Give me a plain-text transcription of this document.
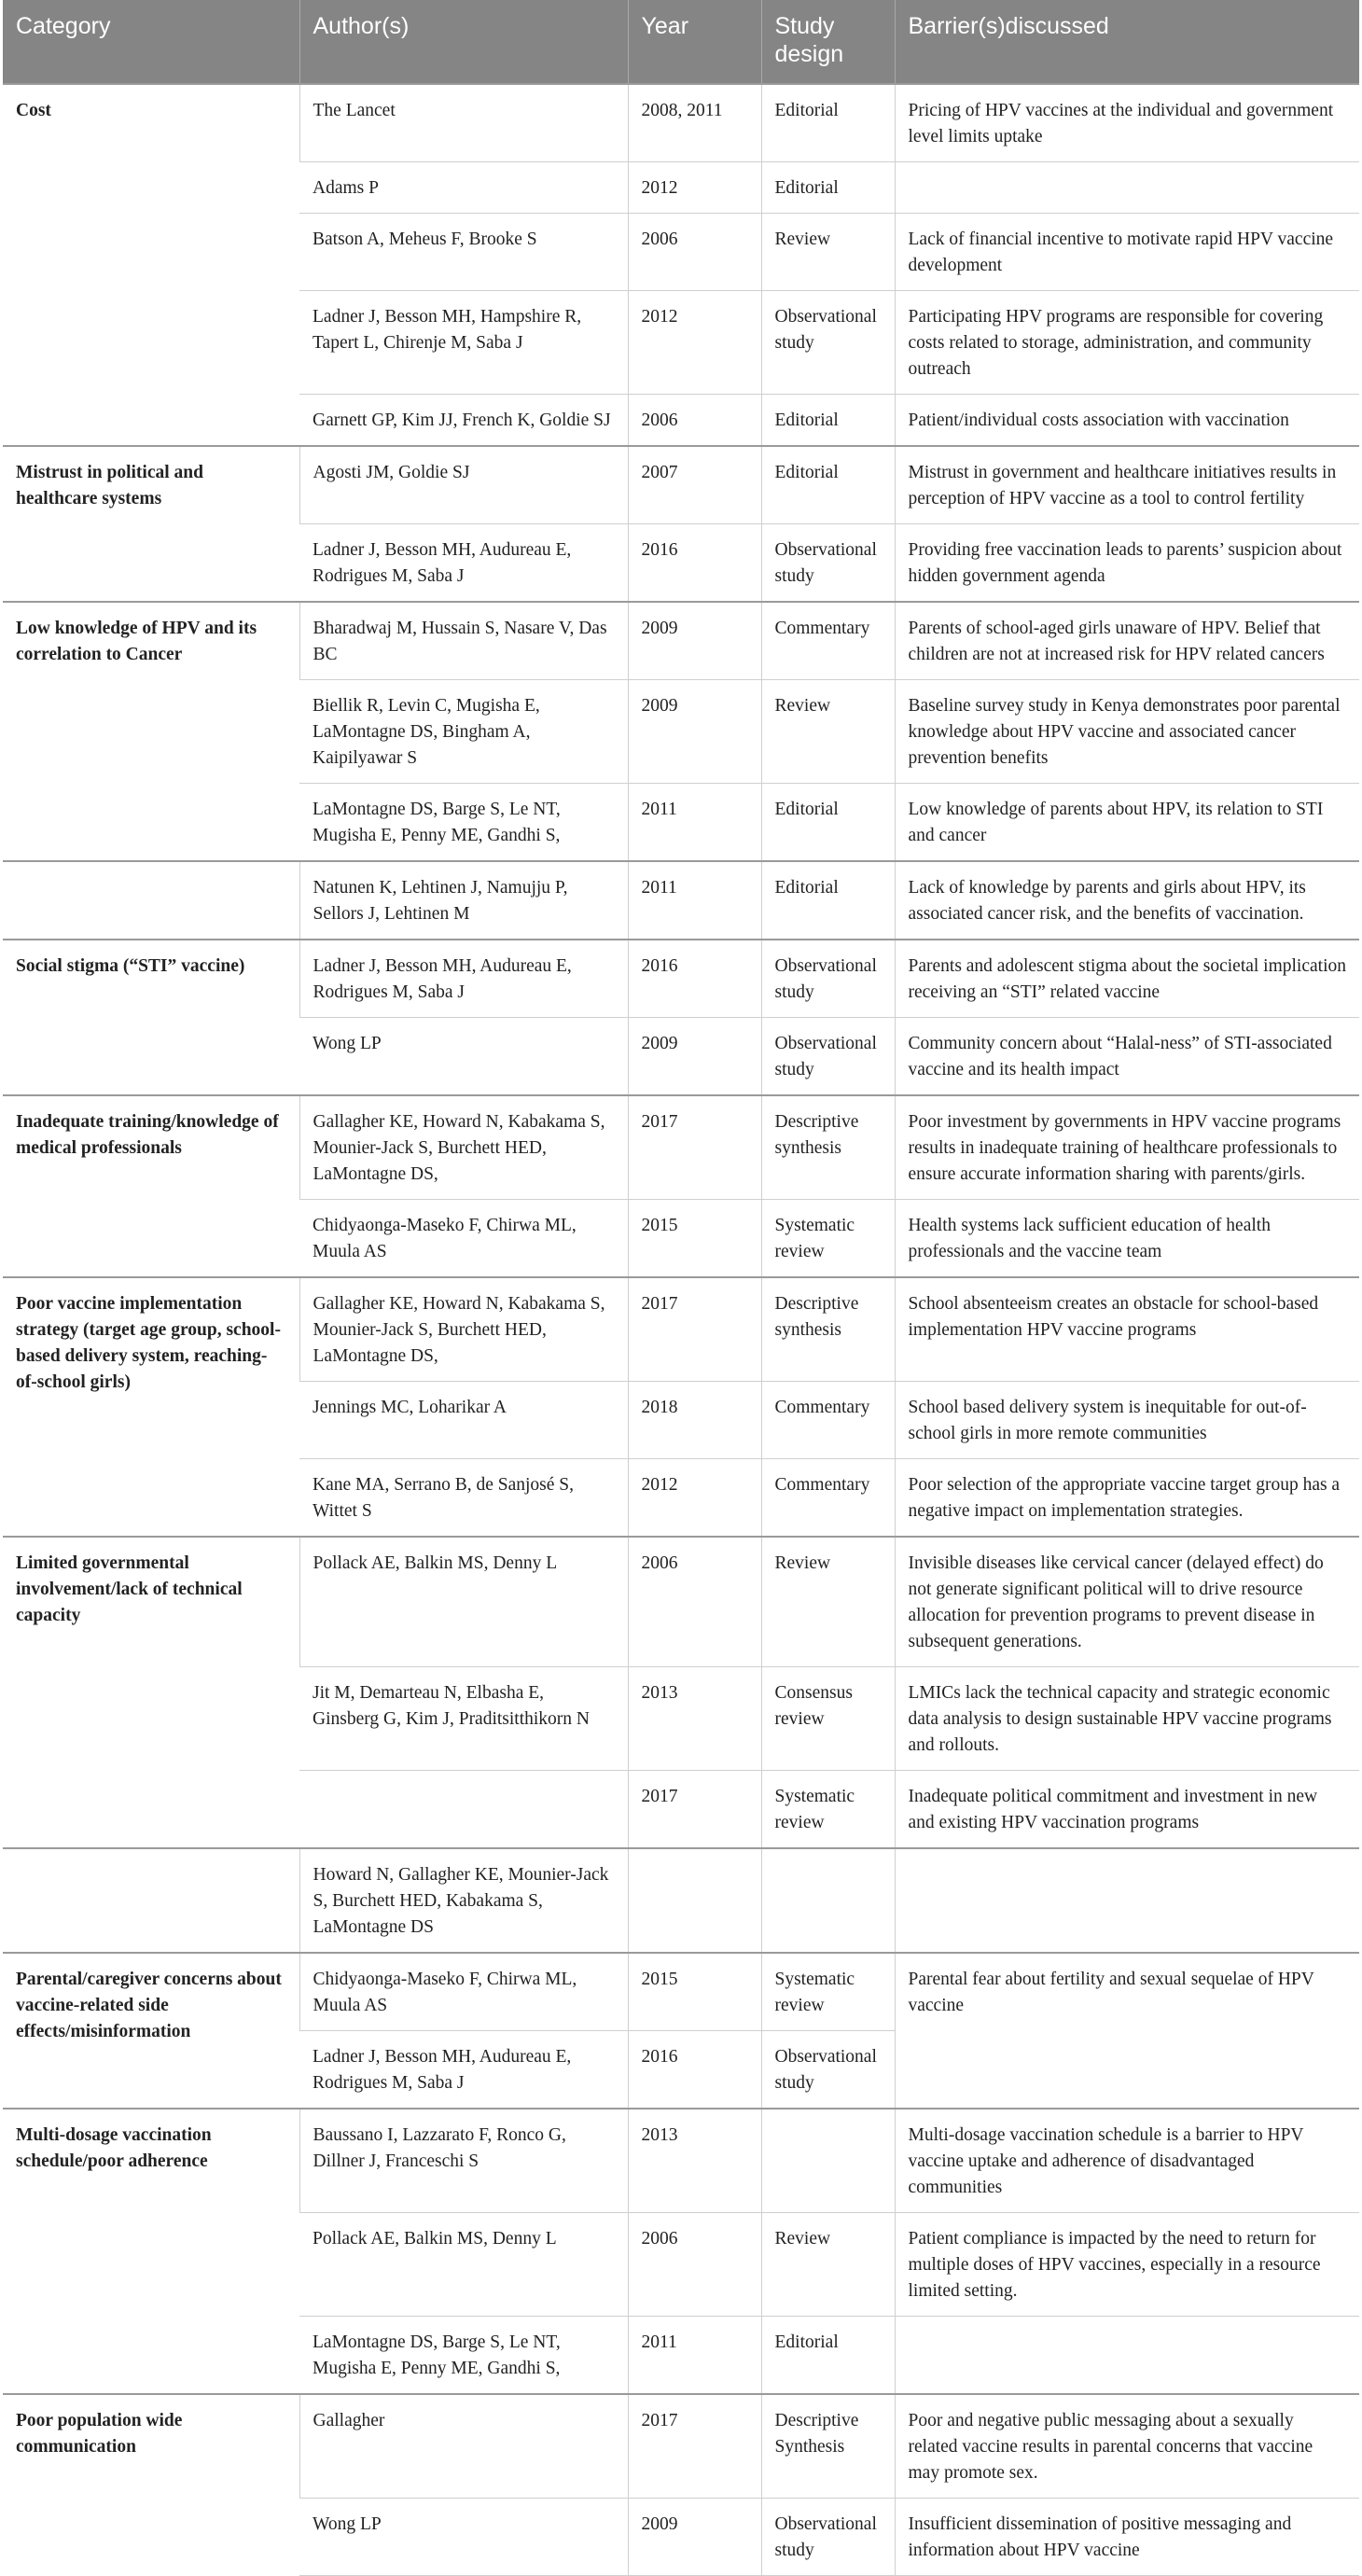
Category	Author(s)	Year	Study design	Barrier(s)discussed
Cost	The Lancet	2008, 2011	Editorial	Pricing of HPV vaccines at the individual and government level limits uptake
	Adams P	2012	Editorial	
	Batson A, Meheus F, Brooke S	2006	Review	Lack of financial incentive to motivate rapid HPV vaccine development
	Ladner J, Besson MH, Hampshire R, Tapert L, Chirenje M, Saba J	2012	Observational study	Participating HPV programs are responsible for covering costs related to storage, administration, and community outreach
	Garnett GP, Kim JJ, French K, Goldie SJ	2006	Editorial	Patient/individual costs association with vaccination
Mistrust in political and healthcare systems	Agosti JM, Goldie SJ	2007	Editorial	Mistrust in government and healthcare initiatives results in perception of HPV vaccine as a tool to control fertility
	Ladner J, Besson MH, Audureau E, Rodrigues M, Saba J	2016	Observational study	Providing free vaccination leads to parents’ suspicion about hidden government agenda
Low knowledge of HPV and its correlation to Cancer	Bharadwaj M, Hussain S, Nasare V, Das BC	2009	Commentary	Parents of school-aged girls unaware of HPV. Belief that children are not at increased risk for HPV related cancers
	Biellik R, Levin C, Mugisha E, LaMontagne DS, Bingham A, Kaipilyawar S	2009	Review	Baseline survey study in Kenya demonstrates poor parental knowledge about HPV vaccine and associated cancer prevention benefits
	LaMontagne DS, Barge S, Le NT, Mugisha E, Penny ME, Gandhi S,	2011	Editorial	Low knowledge of parents about HPV, its relation to STI and cancer
	Natunen K, Lehtinen J, Namujju P, Sellors J, Lehtinen M	2011	Editorial	Lack of knowledge by parents and girls about HPV, its associated cancer risk, and the benefits of vaccination.
Social stigma (“STI” vaccine)	Ladner J, Besson MH, Audureau E, Rodrigues M, Saba J	2016	Observational study	Parents and adolescent stigma about the societal implication receiving an “STI” related vaccine
	Wong LP	2009	Observational study	Community concern about “Halal-ness” of STI-associated vaccine and its health impact
Inadequate training/knowledge of medical professionals	Gallagher KE, Howard N, Kabakama S, Mounier-Jack S, Burchett HED, LaMontagne DS,	2017	Descriptive synthesis	Poor investment by governments in HPV vaccine programs results in inadequate training of healthcare professionals to ensure accurate information sharing with parents/girls.
	Chidyaonga-Maseko F, Chirwa ML, Muula AS	2015	Systematic review	Health systems lack sufficient education of health professionals and the vaccine team
Poor vaccine implementation strategy (target age group, school-based delivery system, reaching-of-school girls)	Gallagher KE, Howard N, Kabakama S, Mounier-Jack S, Burchett HED, LaMontagne DS,	2017	Descriptive synthesis	School absenteeism creates an obstacle for school-based implementation HPV vaccine programs
	Jennings MC, Loharikar A	2018	Commentary	School based delivery system is inequitable for out-of-school girls in more remote communities
	Kane MA, Serrano B, de Sanjosé S, Wittet S	2012	Commentary	Poor selection of the appropriate vaccine target group has a negative impact on implementation strategies.
Limited governmental involvement/lack of technical capacity	Pollack AE, Balkin MS, Denny L	2006	Review	Invisible diseases like cervical cancer (delayed effect) do not generate significant political will to drive resource allocation for prevention programs to prevent disease in subsequent generations.
	Jit M, Demarteau N, Elbasha E, Ginsberg G, Kim J, Praditsitthikorn N	2013	Consensus review	LMICs lack the technical capacity and strategic economic data analysis to design sustainable HPV vaccine programs and rollouts.
		2017	Systematic review	Inadequate political commitment and investment in new and existing HPV vaccination programs
	Howard N, Gallagher KE, Mounier-Jack S, Burchett HED, Kabakama S, LaMontagne DS			
Parental/caregiver concerns about vaccine-related side effects/misinformation	Chidyaonga-Maseko F, Chirwa ML, Muula AS	2015	Systematic review	Parental fear about fertility and sexual sequelae of HPV vaccine
	Ladner J, Besson MH, Audureau E, Rodrigues M, Saba J	2016	Observational study	
Multi-dosage vaccination schedule/poor adherence	Baussano I, Lazzarato F, Ronco G, Dillner J, Franceschi S	2013		Multi-dosage vaccination schedule is a barrier to HPV vaccine uptake and adherence of disadvantaged communities
	Pollack AE, Balkin MS, Denny L	2006	Review	Patient compliance is impacted by the need to return for multiple doses of HPV vaccines, especially in a resource limited setting.
	LaMontagne DS, Barge S, Le NT, Mugisha E, Penny ME, Gandhi S,	2011	Editorial	
Poor population wide communication	Gallagher	2017	Descriptive Synthesis	Poor and negative public messaging about a sexually related vaccine results in parental concerns that vaccine may promote sex.
	Wong LP	2009	Observational study	Insufficient dissemination of positive messaging and information about HPV vaccine
